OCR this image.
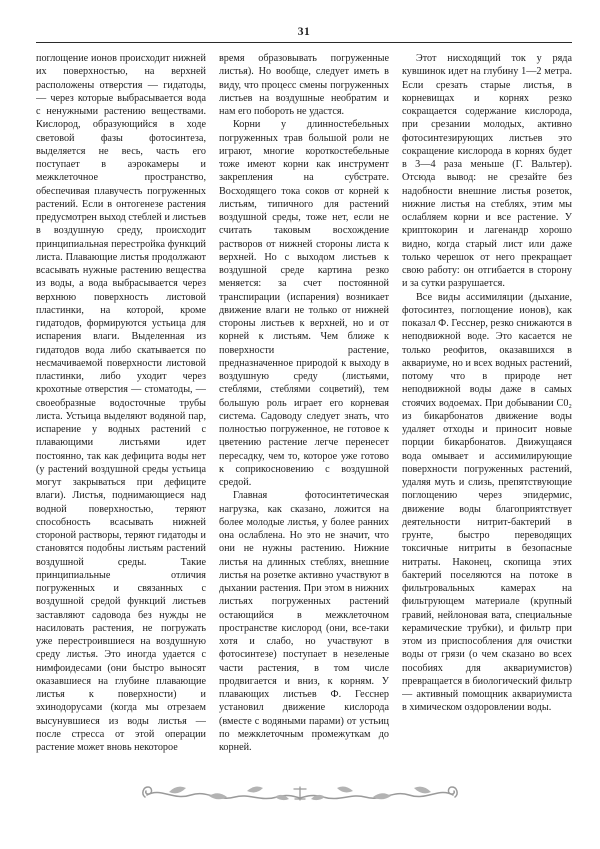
31

поглощение ионов происходит нижней их поверхностью, на верхней расположены отверстия — гидатоды, — через которые выбрасывается вода с ненужными растению веществами. Кислород, образующийся в ходе световой фазы фотосинтеза, выделяется не весь, часть его поступает в аэрокамеры и межклеточное пространство, обеспечивая плавучесть погруженных растений. Если в онтогенезе растения предусмотрен выход стеблей и листьев в воздушную среду, происходит принципиальная перестройка функций листа. Плавающие листья продолжают всасывать нужные растению вещества из воды, а вода выбрасывается через верхнюю поверхность листовой пластинки, на которой, кроме гидатодов, формируются устьица для испарения влаги. Выделенная из гидатодов вода либо скатывается по несмачиваемой поверхности листовой пластинки, либо уходит через крохотные отверстия — стоматоды, — своеобразные водосточные трубы листа. Устьица выделяют водяной пар, испарение у водных растений с плавающими листьями идет постоянно, так как дефицита воды нет (у растений воздушной среды устьица могут закрываться при дефиците влаги). Листья, поднимающиеся над водной поверхностью, теряют способность всасывать нижней стороной растворы, теряют гидатоды и становятся подобны листьям растений воздушной среды. Такие принципиальные отличия погруженных и связанных с воздушной средой функций листьев заставляют садовода без нужды не насиловать растения, не погружать уже перестроившиеся на воздушную среду листья. Это иногда удается с нимфоидесами (они быстро выносят оказавшиеся на глубине плавающие листья к поверхности) и эхинодорусами (когда мы отрезаем высунувшиеся из воды листья — после стресса от этой операции растение может вновь некоторое

время образовывать погруженные листья). Но вообще, следует иметь в виду, что процесс смены погруженных листьев на воздушные необратим и нам его побороть не удастся.

Корни у длинностебельных погруженных трав большой роли не играют, многие короткостебельные тоже имеют корни как инструмент закрепления на субстрате. Восходящего тока соков от корней к листьям, типичного для растений воздушной среды, тоже нет, если не считать таковым восхождение растворов от нижней стороны листа к верхней. Но с выходом листьев к воздушной среде картина резко меняется: за счет постоянной транспирации (испарения) возникает движение влаги не только от нижней стороны листьев к верхней, но и от корней к листьям. Чем ближе к поверхности растение, предназначенное природой к выходу в воздушную среду (листьями, стеблями, стеблями соцветий), тем большую роль играет его корневая система. Садоводу следует знать, что полностью погруженное, не готовое к цветению растение легче перенесет пересадку, чем то, которое уже готово к соприкосновению с воздушной средой.

Главная фотосинтетическая нагрузка, как сказано, ложится на более молодые листья, у более ранних она ослаблена. Но это не значит, что они не нужны растению. Нижние листья на длинных стеблях, внешние листья на розетке активно участвуют в дыхании растения. При этом в нижних листьях погруженных растений остающийся в межклеточном пространстве кислород (они, все-таки хотя и слабо, но участвуют в фотосинтезе) поступает в незеленые части растения, в том числе продвигается и вниз, к корням. У плавающих листьев Ф. Гесснер установил движение кислорода (вместе с водяными парами) от устьиц по межклеточным промежуткам до корней.

Этот нисходящий ток у ряда кувшинок идет на глубину 1—2 метра. Если срезать старые листья, в корневищах и корнях резко сокращается содержание кислорода, при срезании молодых, активно фотосинтезирующих листьев это сокращение кислорода в корнях будет в 3—4 раза меньше (Г. Вальтер). Отсюда вывод: не срезайте без надобности внешние листья розеток, нижние листья на стеблях, этим мы ослабляем корни и все растение. У криптокорин и лагенандр хорошо видно, когда старый лист или даже только черешок от него прекращает свою работу: он отгибается в сторону и за сутки разрушается.

Все виды ассимиляции (дыхание, фотосинтез, поглощение ионов), как показал Ф. Гесснер, резко снижаются в неподвижной воде. Это касается не только реофитов, оказавшихся в аквариуме, но и всех водных растений, потому что в природе нет неподвижной воды даже в самых стоячих водоемах. При добывании С0₂ из бикарбонатов движение воды удаляет отходы и приносит новые порции бикарбонатов. Движущаяся вода омывает и ассимилирующие поверхности погруженных растений, удаляя муть и слизь, препятствующие поглощению через эпидермис, движение воды благоприятствует деятельности нитрит-бактерий в грунте, быстро переводящих токсичные нитриты в безопасные нитраты. Наконец, скопища этих бактерий поселяются на потоке в фильтровальных камерах на фильтрующем материале (крупный гравий, нейлоновая вата, специальные керамические трубки), и фильтр при этом из приспособления для очистки воды от грязи (о чем сказано во всех пособиях для аквариумистов) превращается в биологический фильтр — активный помощник аквариумиста в химическом оздоровлении воды.
